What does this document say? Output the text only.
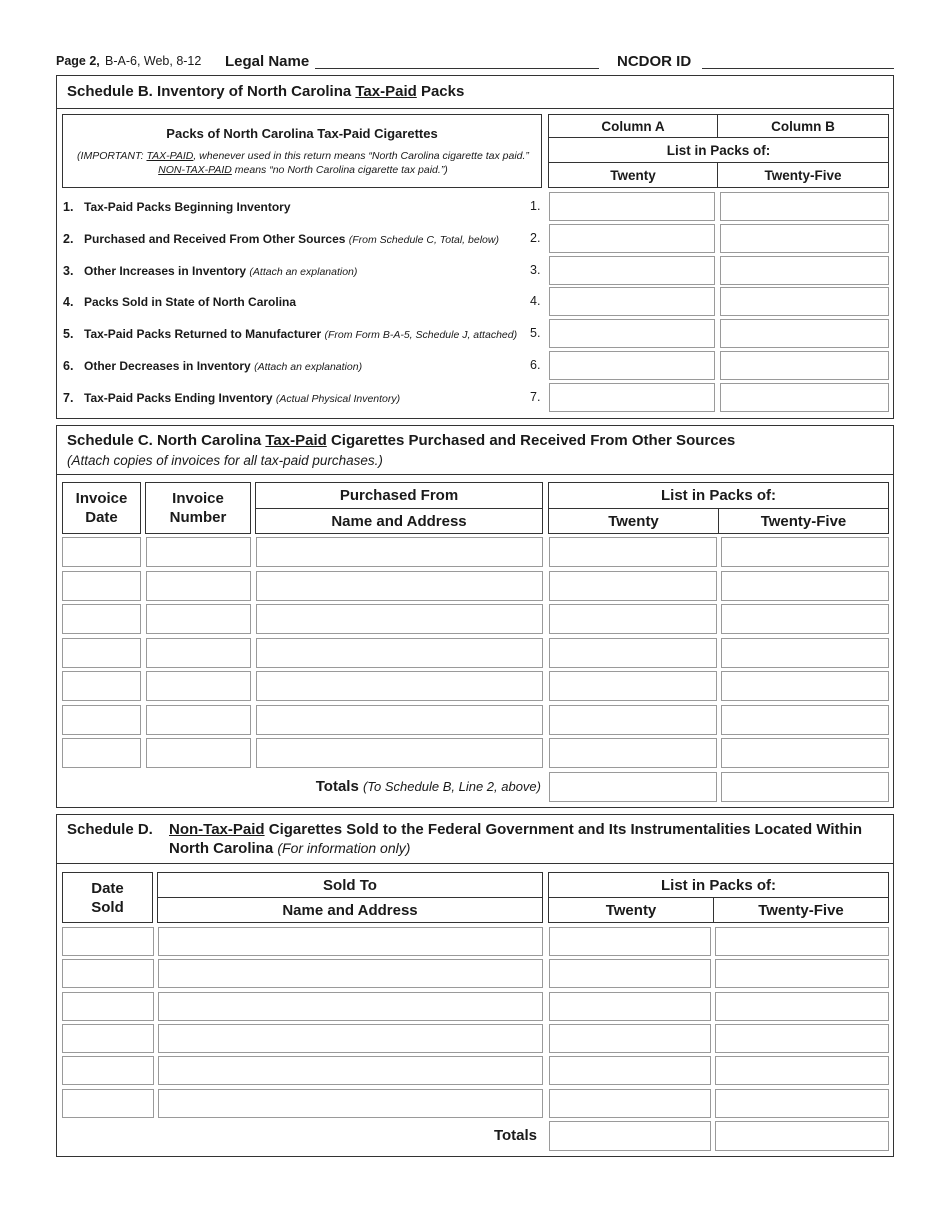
Page 2, B-A-6, Web, 8-12 Legal Name	NCDOR ID
Schedule B. Inventory of North Carolina Tax-Paid Packs
Packs of North Carolina Tax-Paid Cigarettes
(IMPORTANT: TAX-PAID, whenever used in this return means “North Carolina cigarette tax paid.”
NON-TAX-PAID means “no North Carolina cigarette tax paid.”)
Column A	Column B
List in Packs of:
Twenty	Twenty-Five
1. Tax-Paid Packs Beginning Inventory	1.
2. Purchased and Received From Other Sources (From Schedule C, Total, below) 2.
3. Other Increases in Inventory (Attach an explanation)	3.
4. Packs Sold in State of North Carolina	4.
5. Tax-Paid Packs Returned to Manufacturer (From Form B-A-5, Schedule J, attached) 5.
6. Other Decreases in Inventory (Attach an explanation)	6.
7. Tax-Paid Packs Ending Inventory (Actual Physical Inventory)	7.
Schedule C. North Carolina Tax-Paid Cigarettes Purchased and Received From Other Sources
(Attach copies of invoices for all tax-paid purchases.)
Invoice Date
Invoice Number
Purchased From
Name and Address
List in Packs of:
Twenty	Twenty-Five
Totals (To Schedule B, Line 2, above)
Schedule D. Non-Tax-Paid Cigarettes Sold to the Federal Government and Its Instrumentalities Located Within
North Carolina (For information only)
Date Sold
Sold To
Name and Address
List in Packs of:
Twenty	Twenty-Five
Totals
